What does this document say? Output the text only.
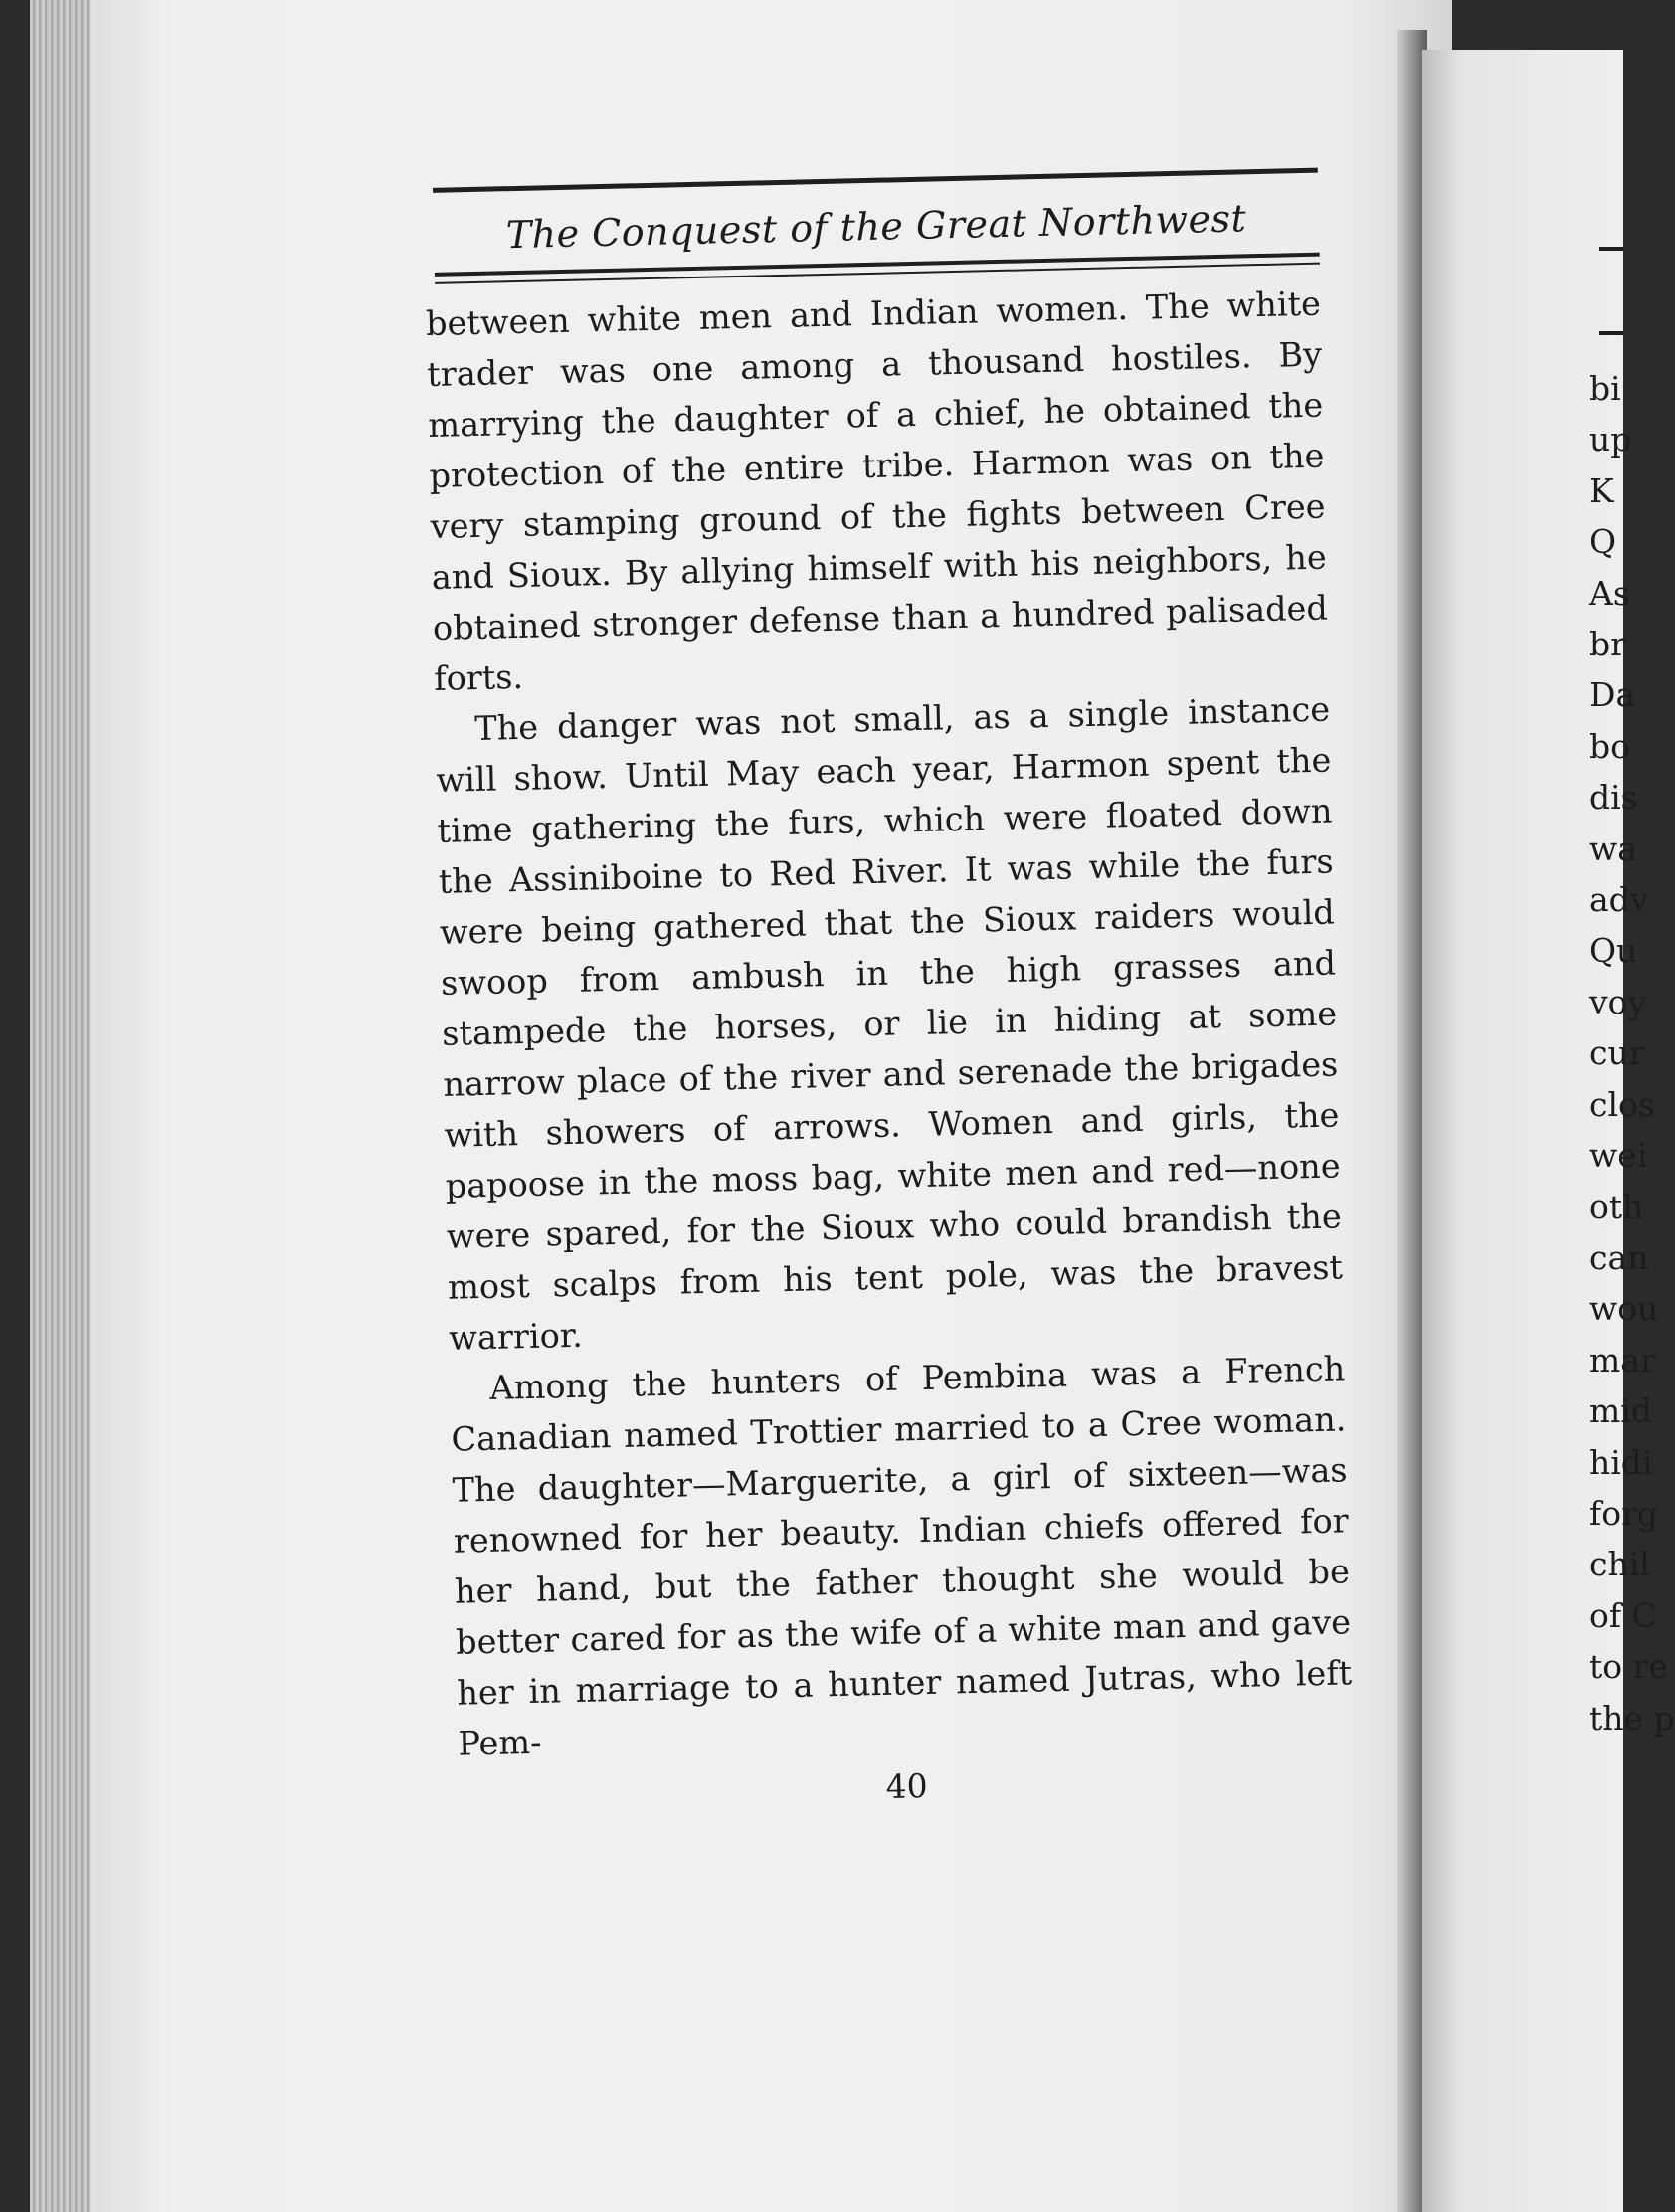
bi
up
K
Q
As
br
Da
bo
dis
wa
adv
Qu
voy
cur
clos
wei
oth
can
wou
mar
mid
hidi
forg
chil
of C
to re
the p
The Conquest of the Great Northwest

between white men and Indian women. The white trader was one among a thousand hostiles. By marrying the daughter of a chief, he obtained the protection of the entire tribe. Harmon was on the very stamping ground of the fights between Cree and Sioux. By allying himself with his neighbors, he obtained stronger defense than a hundred palisaded forts.

The danger was not small, as a single instance will show. Until May each year, Harmon spent the time gathering the furs, which were floated down the Assiniboine to Red River. It was while the furs were being gathered that the Sioux raiders would swoop from ambush in the high grasses and stampede the horses, or lie in hiding at some narrow place of the river and serenade the brigades with showers of arrows. Women and girls, the papoose in the moss bag, white men and red—none were spared, for the Sioux who could brandish the most scalps from his tent pole, was the bravest warrior.

Among the hunters of Pembina was a French Canadian named Trottier married to a Cree woman. The daughter—Marguerite, a girl of sixteen—was renowned for her beauty. Indian chiefs offered for her hand, but the father thought she would be better cared for as the wife of a white man and gave her in marriage to a hunter named Jutras, who left Pem-

40
